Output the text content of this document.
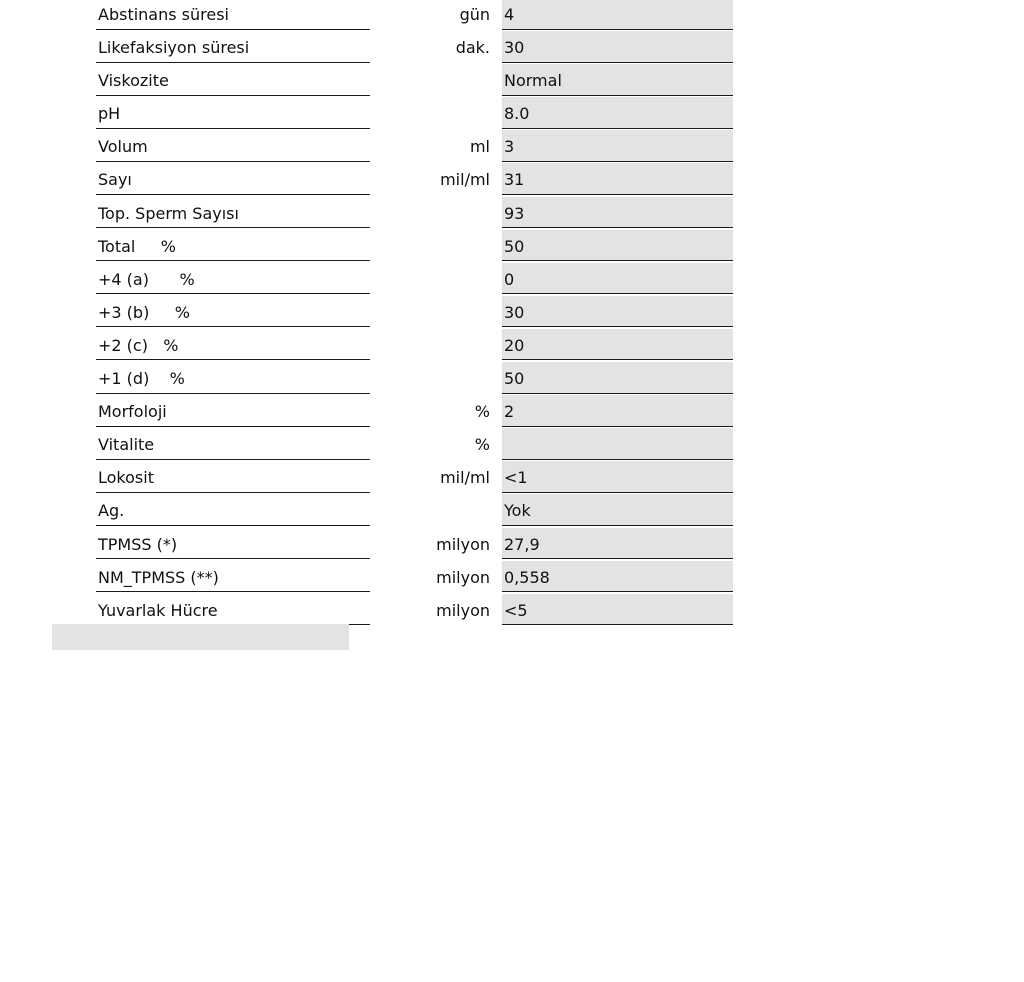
Abstinans süresi	gün 4
Likefaksiyon süresi	dak. 30
Viskozite	Normal
pH	8.0
Volum	ml 3
Sayı	mil/ml 31
Top. Sperm Sayısı	93
Total     %	50
+4 (a)      %	0
+3 (b)     %	30
+2 (c)   %	20
+1 (d)    %	50
Morfoloji	% 2
Vitalite	%
Lokosit	mil/ml <1
Ag.	Yok
TPMSS (*)	milyon 27,9
NM_TPMSS (**)	milyon 0,558
Yuvarlak Hücre	milyon <5
